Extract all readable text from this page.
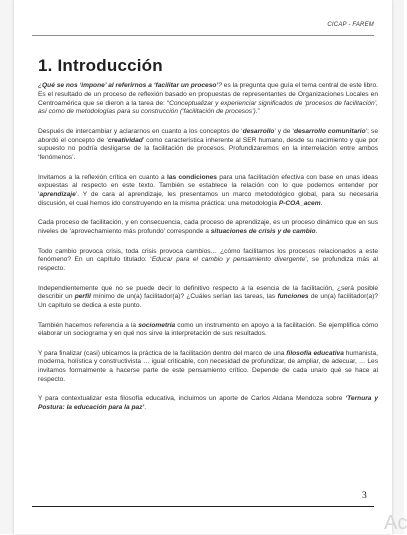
CICAP - FAREM
1. Introducción

¿Qué se nos ‘impone’ al referirnos a ‘facilitar un proceso’? es la pregunta que guía el tema central de este libro. Es el resultado de un proceso de reflexión basado en propuestas de representantes de Organizaciones Locales en Centroamérica que se dieron a la tarea de: “Conceptualizar y experienciar significados de ‘procesos de facilitación’, así como de metodologías para su construcción (‘facilitación de procesos’).”

Después de intercambiar y aclararnos en cuanto a los conceptos de ‘desarrollo’ y de ‘desarrollo comunitario’; se abordó el concepto de ‘creatividad’ como característica inherente al SER humano, desde su nacimiento y que por supuesto no podría desligarse de la facilitación de procesos. Profundizaremos en la interrelación entre ambos ‘fenómenos’.

Invitamos a la reflexión crítica en cuanto a las condiciones para una facilitación efectiva con base en unas ideas expuestas al respecto en este texto. También se establece la relación con lo que podemos entender por ‘aprendizaje’. Y de cara al aprendizaje, les presentamos un marco metodológico global, para su necesaria discusión, el cual hemos ido construyendo en la misma práctica: una metodología P-COA_acem.

Cada proceso de facilitación, y en consecuencia, cada proceso de aprendizaje, es un proceso dinámico que en sus niveles de ‘aprovechamiento más profundo’ corresponde a situaciones de crisis y de cambio.

Todo cambio provoca crisis, toda crisis provoca cambios… ¿cómo facilitamos los procesos relacionados a este fenómeno? En un capítulo titulado: ‘Educar para el cambio y pensamiento divergente’, se profundiza más al respecto.

Independientemente que no se puede decir lo definitivo respecto a la esencia de la facilitación, ¿será posible describir un perfil mínimo de un(a) facilitador(a)? ¿Cuáles serían las tareas, las funciones de un(a) facilitador(a)? Un capítulo se dedica a este punto.

También hacemos referencia a la sociometría como un instrumento en apoyo a la facilitación. Se ejemplifica cómo elaborar un sociograma y en qué nos sirve la interpretación de sus resultados.

Y para finalizar (casi) ubicamos la práctica de la facilitación dentro del marco de una filosofía educativa humanista, moderna, holística y constructivista … igual criticable, con necesidad de profundizar, de ampliar, de adecuar, … Les invitamos formalmente a hacerse parte de este pensamiento crítico. Depende de cada una/o qué se hace al respecto.

Y para contextualizar esta filosofía educativa, incluimos un aporte de Carlos Aldana Mendoza sobre ‘Ternura y Postura: la educación para la paz’.

3
Ac
